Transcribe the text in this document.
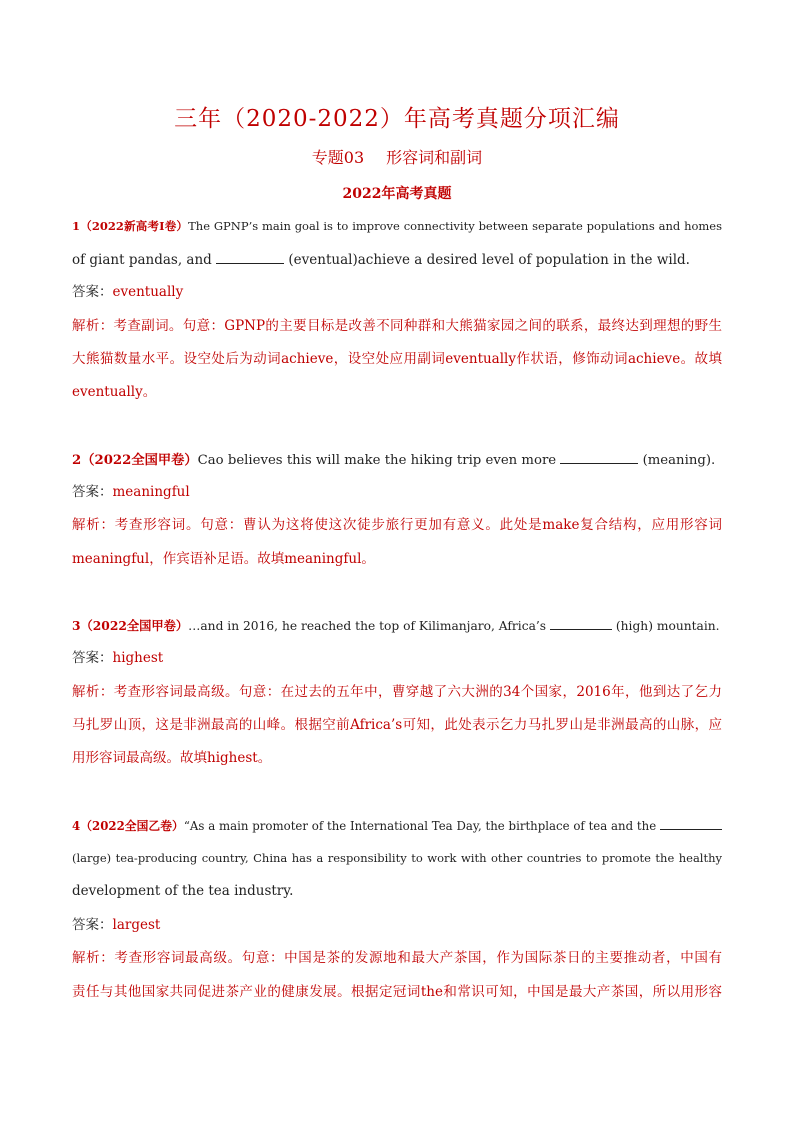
三年（2020-2022）年高考真题分项汇编
专题03 形容词和副词
2022年高考真题
1（2022新高考I卷）The GPNP’s main goal is to improve connectivity between separate populations and homes
of giant pandas, and	(eventual)achieve a desired level of population in the wild.
答案：eventually
解析：考查副词。句意：GPNP的主要目标是改善不同种群和大熊猫家园之间的联系，最终达到理想的野生
大熊猫数量水平。设空处后为动词achieve，设空处应用副词eventually作状语，修饰动词achieve。故填
eventually。
2（2022全国甲卷）Cao believes this will make the hiking trip even more	(meaning).
答案：meaningful
解析：考查形容词。句意：曹认为这将使这次徒步旅行更加有意义。此处是make复合结构，应用形容词
meaningful，作宾语补足语。故填meaningful。
3（2022全国甲卷）…and in 2016, he reached the top of Kilimanjaro, Africa’s	(high) mountain.
答案：highest
解析：考查形容词最高级。句意：在过去的五年中，曹穿越了六大洲的34个国家，2016年，他到达了乞力
马扎罗山顶，这是非洲最高的山峰。根据空前Africa’s可知，此处表示乞力马扎罗山是非洲最高的山脉，应
用形容词最高级。故填highest。
4（2022全国乙卷）“As a main promoter of the International Tea Day, the birthplace of tea and the
(large) tea-producing country, China has a responsibility to work with other countries to promote the healthy
development of the tea industry.
答案：largest
解析：考查形容词最高级。句意：中国是茶的发源地和最大产茶国，作为国际茶日的主要推动者，中国有
责任与其他国家共同促进茶产业的健康发展。根据定冠词the和常识可知，中国是最大产茶国，所以用形容
